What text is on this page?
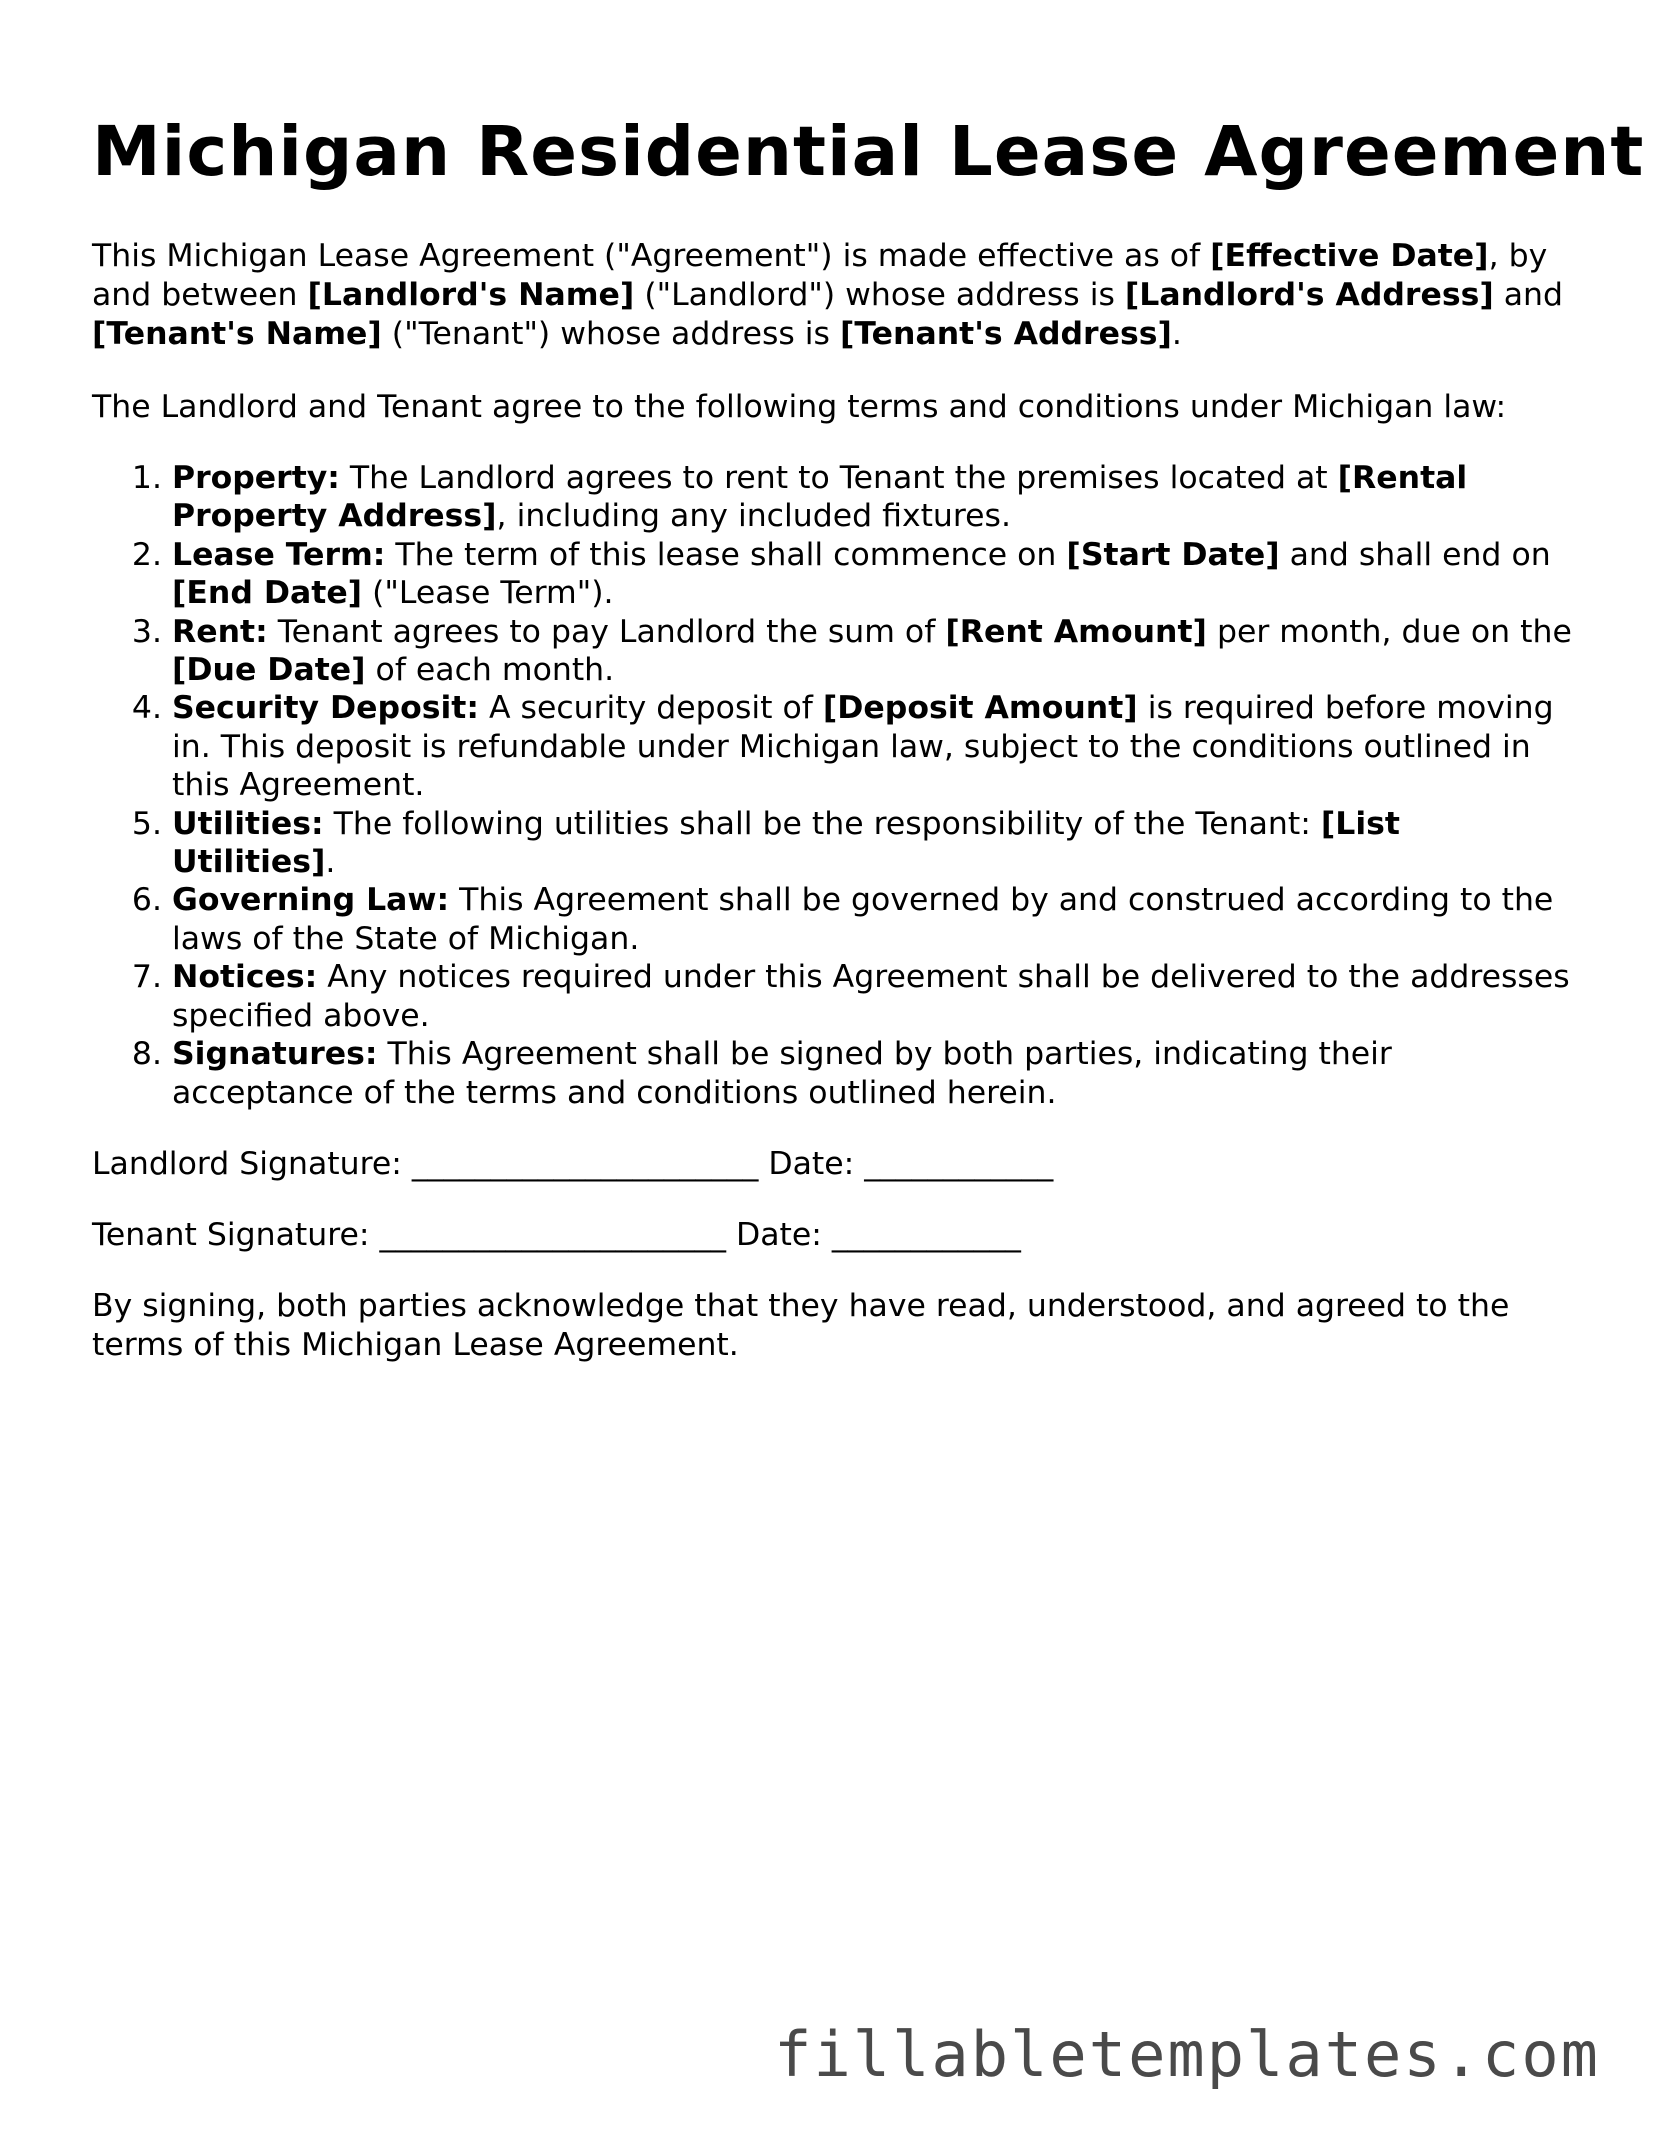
Michigan Residential Lease Agreement

This Michigan Lease Agreement ("Agreement") is made effective as of [Effective Date], by and between [Landlord's Name] ("Landlord") whose address is [Landlord's Address] and [Tenant's Name] ("Tenant") whose address is [Tenant's Address].

The Landlord and Tenant agree to the following terms and conditions under Michigan law:

1. Property: The Landlord agrees to rent to Tenant the premises located at [Rental Property Address], including any included fixtures.
2. Lease Term: The term of this lease shall commence on [Start Date] and shall end on [End Date] ("Lease Term").
3. Rent: Tenant agrees to pay Landlord the sum of [Rent Amount] per month, due on the [Due Date] of each month.
4. Security Deposit: A security deposit of [Deposit Amount] is required before moving in. This deposit is refundable under Michigan law, subject to the conditions outlined in this Agreement.
5. Utilities: The following utilities shall be the responsibility of the Tenant: [List Utilities].
6. Governing Law: This Agreement shall be governed by and construed according to the laws of the State of Michigan.
7. Notices: Any notices required under this Agreement shall be delivered to the addresses specified above.
8. Signatures: This Agreement shall be signed by both parties, indicating their acceptance of the terms and conditions outlined herein.

Landlord Signature: ______________________ Date: ____________

Tenant Signature: ______________________ Date: ____________

By signing, both parties acknowledge that they have read, understood, and agreed to the terms of this Michigan Lease Agreement.

fillabletemplates.com
